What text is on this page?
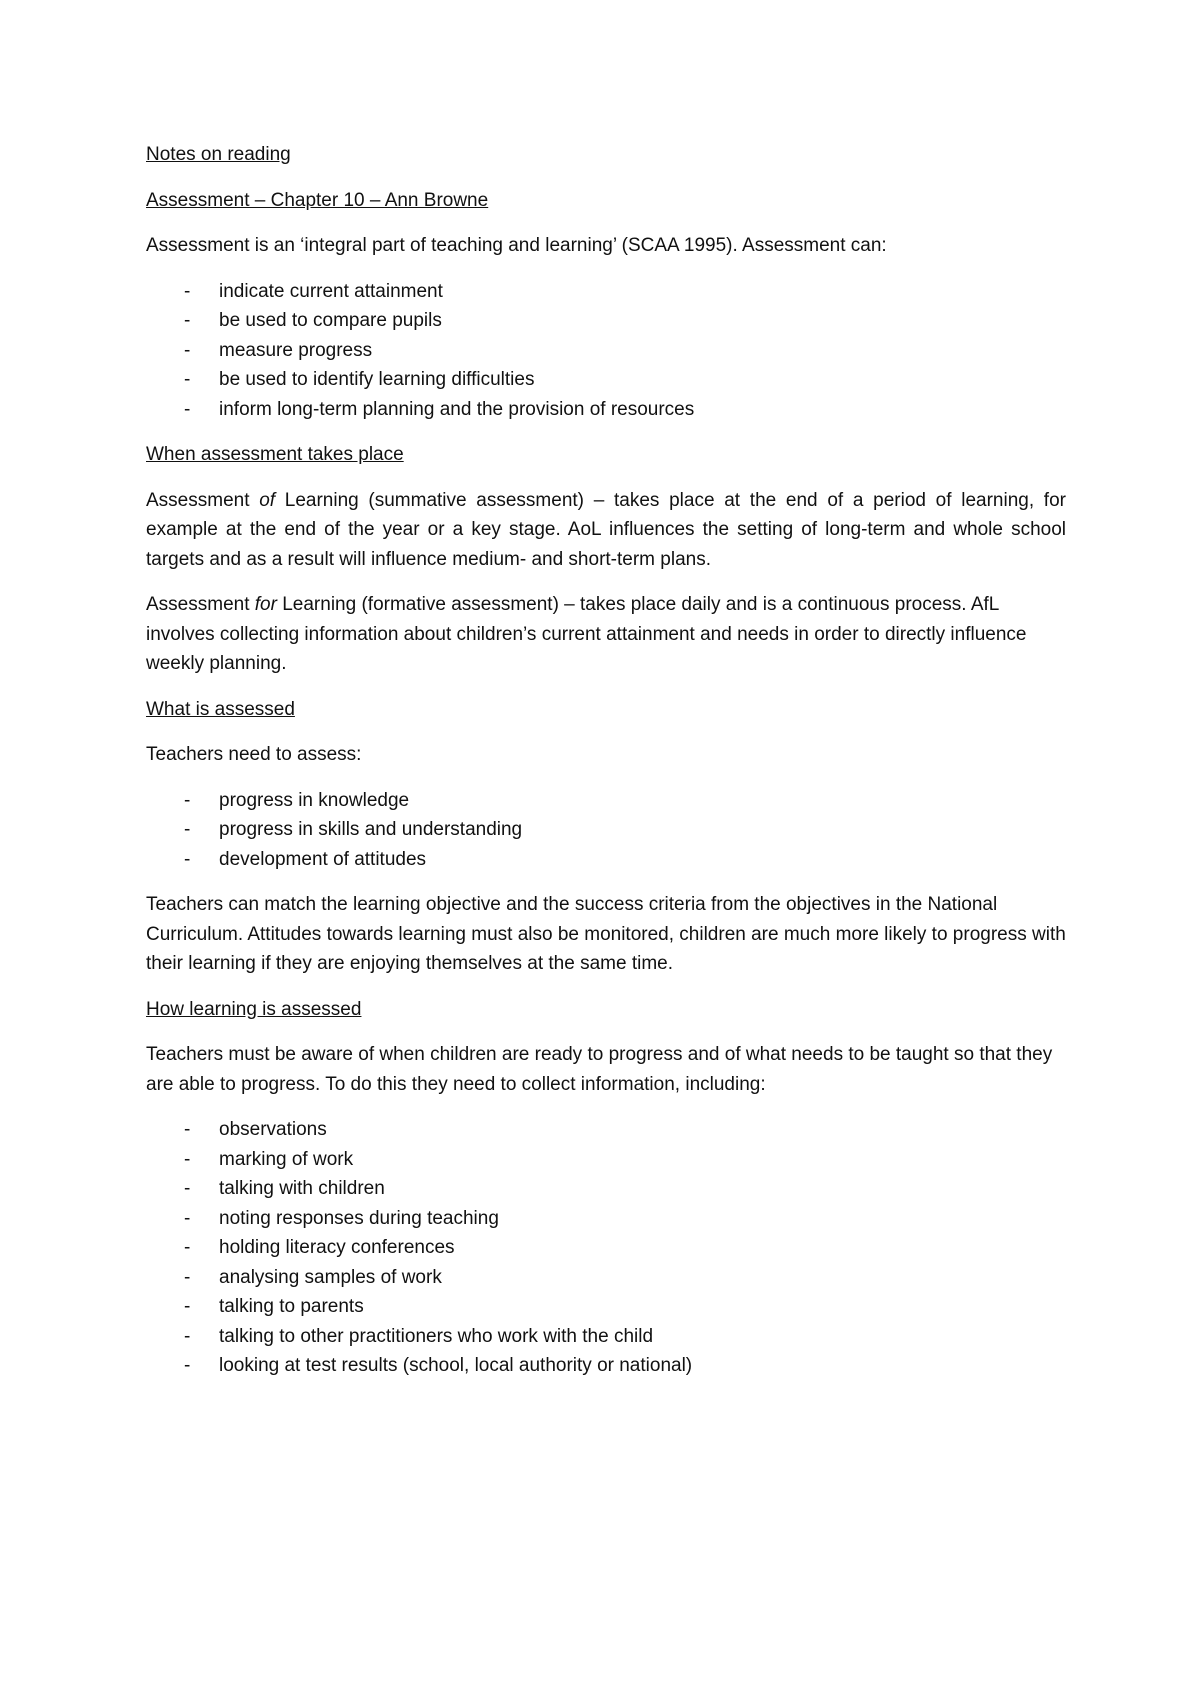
Notes on reading

Assessment – Chapter 10 – Ann Browne

Assessment is an ‘integral part of teaching and learning’ (SCAA 1995). Assessment can:

- indicate current attainment
- be used to compare pupils
- measure progress
- be used to identify learning difficulties
- inform long-term planning and the provision of resources

When assessment takes place

Assessment of Learning (summative assessment) – takes place at the end of a period of learning, for example at the end of the year or a key stage. AoL influences the setting of long-term and whole school targets and as a result will influence medium- and short-term plans.

Assessment for Learning (formative assessment) – takes place daily and is a continuous process. AfL involves collecting information about children’s current attainment and needs in order to directly influence weekly planning.

What is assessed

Teachers need to assess:

- progress in knowledge
- progress in skills and understanding
- development of attitudes

Teachers can match the learning objective and the success criteria from the objectives in the National Curriculum. Attitudes towards learning must also be monitored, children are much more likely to progress with their learning if they are enjoying themselves at the same time.

How learning is assessed

Teachers must be aware of when children are ready to progress and of what needs to be taught so that they are able to progress. To do this they need to collect information, including:

- observations
- marking of work
- talking with children
- noting responses during teaching
- holding literacy conferences
- analysing samples of work
- talking to parents
- talking to other practitioners who work with the child
- looking at test results (school, local authority or national)
